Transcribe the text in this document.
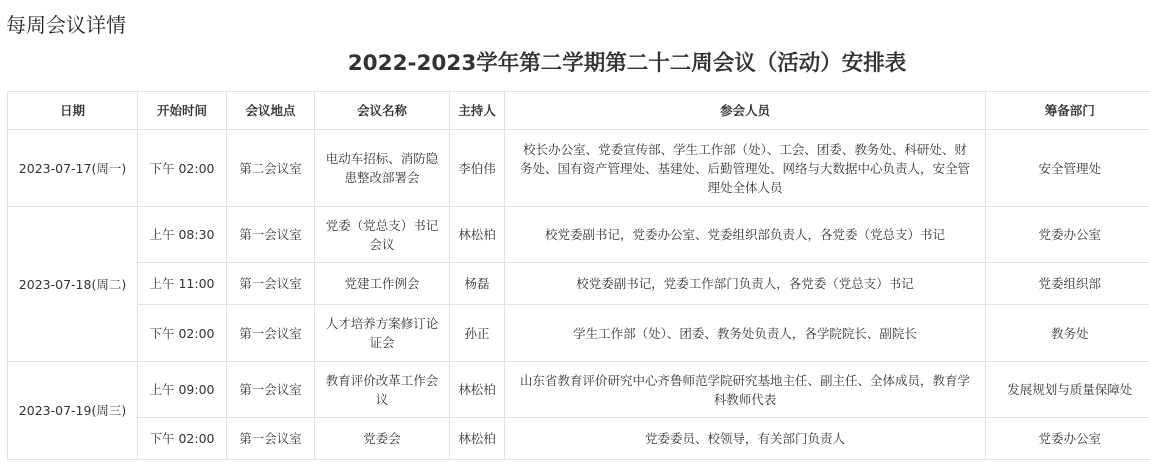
每周会议详情
2022-2023学年第二学期第二十二周会议（活动）安排表
日期	开始时间	会议地点	会议名称	主持人	参会人员	筹备部门
2023-07-17(周一)	下午 02:00	第二会议室	电动车招标、消防隐患整改部署会	李伯伟	校长办公室、党委宣传部、学生工作部（处）、工会、团委、教务处、科研处、财务处、国有资产管理处、基建处、后勤管理处、网络与大数据中心负责人，安全管理处全体人员	安全管理处
2023-07-18(周二)	上午 08:30	第一会议室	党委（党总支）书记会议	林松柏	校党委副书记，党委办公室、党委组织部负责人，各党委（党总支）书记	党委办公室
	上午 11:00	第一会议室	党建工作例会	杨磊	校党委副书记，党委工作部门负责人，各党委（党总支）书记	党委组织部
	下午 02:00	第一会议室	人才培养方案修订论证会	孙正	学生工作部（处）、团委、教务处负责人，各学院院长、副院长	教务处
2023-07-19(周三)	上午 09:00	第一会议室	教育评价改革工作会议	林松柏	山东省教育评价研究中心齐鲁师范学院研究基地主任、副主任、全体成员，教育学科教师代表	发展规划与质量保障处
	下午 02:00	第一会议室	党委会	林松柏	党委委员、校领导，有关部门负责人	党委办公室
